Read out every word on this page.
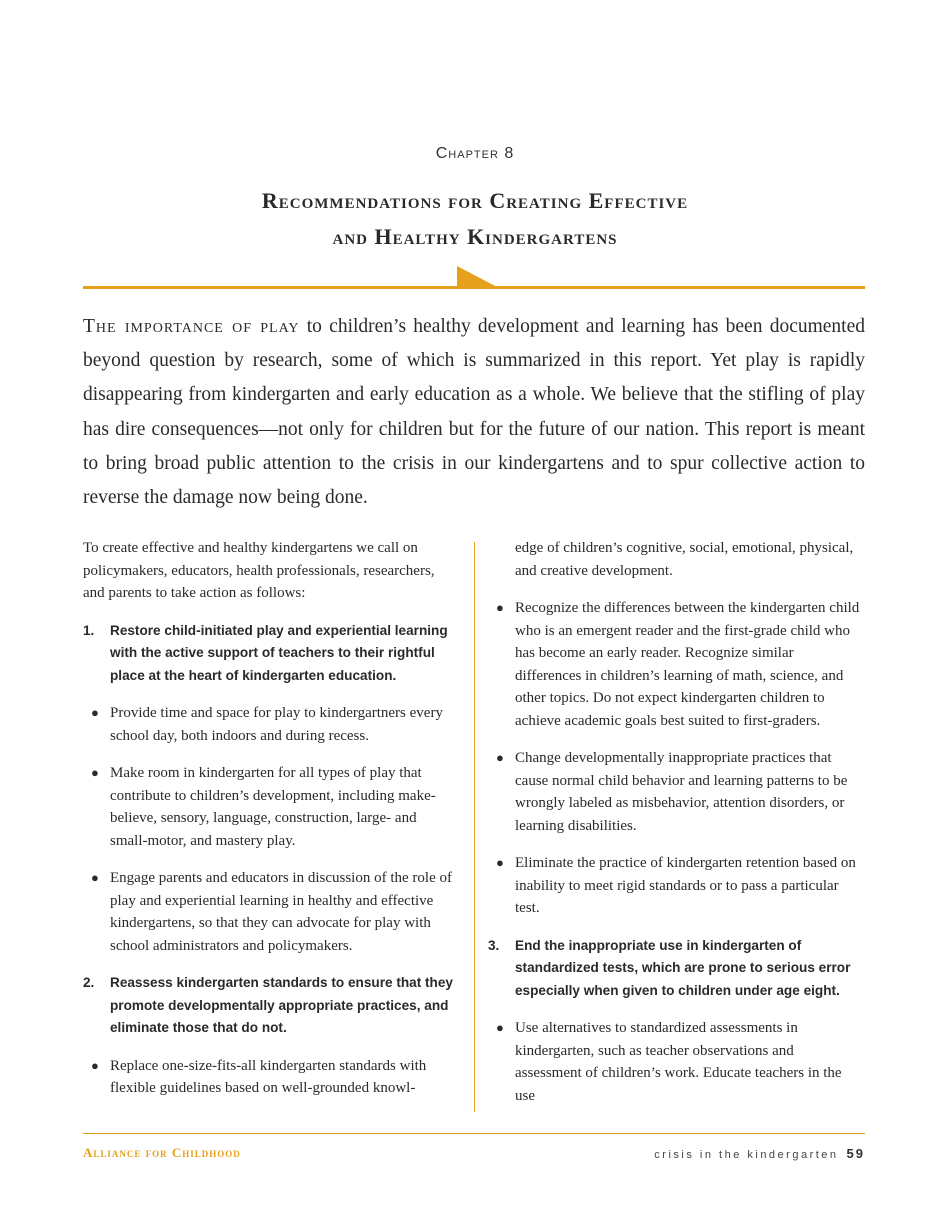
Chapter 8
Recommendations for Creating Effective
and Healthy Kindergartens
The importance of play to children’s healthy development and learning has been documented beyond question by research, some of which is summarized in this report. Yet play is rapidly disappearing from kindergarten and early education as a whole. We believe that the stifling of play has dire consequences—not only for children but for the future of our nation. This report is meant to bring broad public attention to the crisis in our kindergartens and to spur collective action to reverse the damage now being done.

To create effective and healthy kindergartens we call on policymakers, educators, health professionals, researchers, and parents to take action as follows:

1. Restore child-initiated play and experiential learning with the active support of teachers to their rightful place at the heart of kindergarten education.
● Provide time and space for play to kindergartners every school day, both indoors and during recess.
● Make room in kindergarten for all types of play that contribute to children’s development, including make-believe, sensory, language, construction, large- and small-motor, and mastery play.
● Engage parents and educators in discussion of the role of play and experiential learning in healthy and effective kindergartens, so that they can advocate for play with school administrators and policymakers.
2. Reassess kindergarten standards to ensure that they promote developmentally appropriate practices, and eliminate those that do not.
● Replace one-size-fits-all kindergarten standards with flexible guidelines based on well-grounded knowl-
edge of children’s cognitive, social, emotional, physical, and creative development.
● Recognize the differences between the kindergarten child who is an emergent reader and the first-grade child who has become an early reader. Recognize similar differences in children’s learning of math, science, and other topics. Do not expect kindergarten children to achieve academic goals best suited to first-graders.
● Change developmentally inappropriate practices that cause normal child behavior and learning patterns to be wrongly labeled as misbehavior, attention disorders, or learning disabilities.
● Eliminate the practice of kindergarten retention based on inability to meet rigid standards or to pass a particular test.
3. End the inappropriate use in kindergarten of standardized tests, which are prone to serious error especially when given to children under age eight.
● Use alternatives to standardized assessments in kindergarten, such as teacher observations and assessment of children’s work. Educate teachers in the use
Alliance for Childhood	crisis in the kindergarten 59
